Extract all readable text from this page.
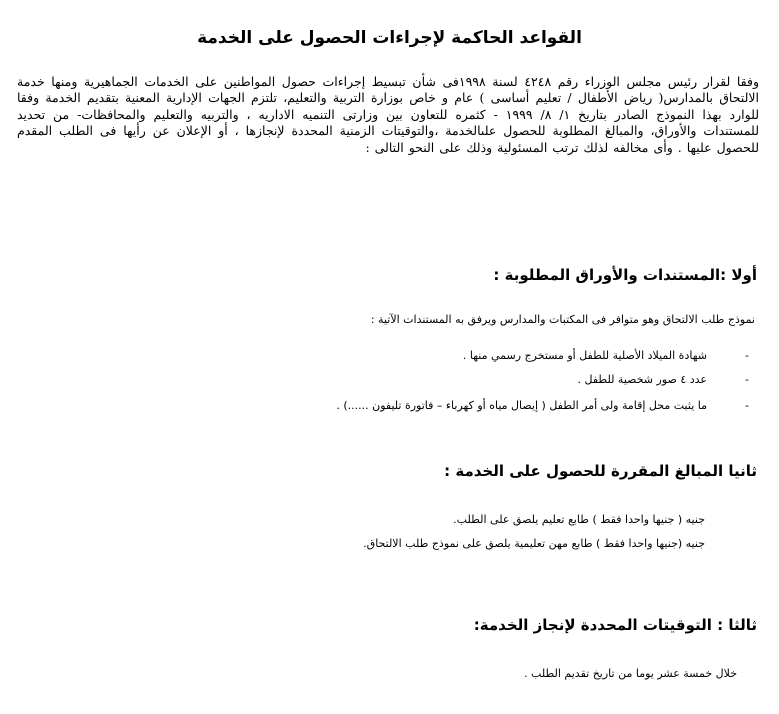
القواعد الحاكمة لإجراءات الحصول على الخدمة
وفقا لقرار رئيس مجلس الوزراء رقم ٤٢٤٨ لسنة ١٩٩٨فى شأن تبسيط إجراءات حصول المواطنين على الخدمات الجماهيرية ومنها خدمة الالتحاق بالمدارس( رياض الأطفال / تعليم أساسى ) عام و خاص بوزارة التربية والتعليم، تلتزم الجهات الإدارية المعنية بتقديم الخدمة وفقا للوارد بهذا النموذج الصادر بتاريخ ١/ ٨/ ١٩٩٩ - كثمره للتعاون بين وزارتى التنميه الاداريه ، والتربيه والتعليم والمحافظات- من تحديد للمستندات والأوراق، والمبالغ المطلوبة للحصول علىالخدمة ،والتوقيتات الزمنية المحددة لإنجازها ، أو الإعلان عن رأيها فى الطلب المقدم للحصول عليها . وأى مخالفه لذلك ترتب المسئولية وذلك على النحو التالى :
أولا :المستندات والأوراق المطلوبة :
نموذج طلب الالتحاق وهو متوافر فى المكتبات والمدارس ويرفق به المستندات الآتية :
-
شهادة الميلاد الأصلية للطفل أو مستخرج رسمي منها .
-
عدد ٤ صور شخصية للطفل .
-
ما يثبت محل إقامة ولى أمر الطفل ( إيصال مياه أو كهرباء – فاتورة تليفون ......) .
ثانيا المبالغ المقررة للحصول على الخدمة :
جنيه ( جنيها واحدا فقط ) طابع تعليم يلصق على الطلب.
جنيه (جنيها واحدا فقط ) طابع مهن تعليمية يلصق على نموذج طلب الالتحاق.
ثالثا : التوقيتات المحددة لإنجاز الخدمة:
خلال خمسة عشر يوما من تاريخ تقديم الطلب .
